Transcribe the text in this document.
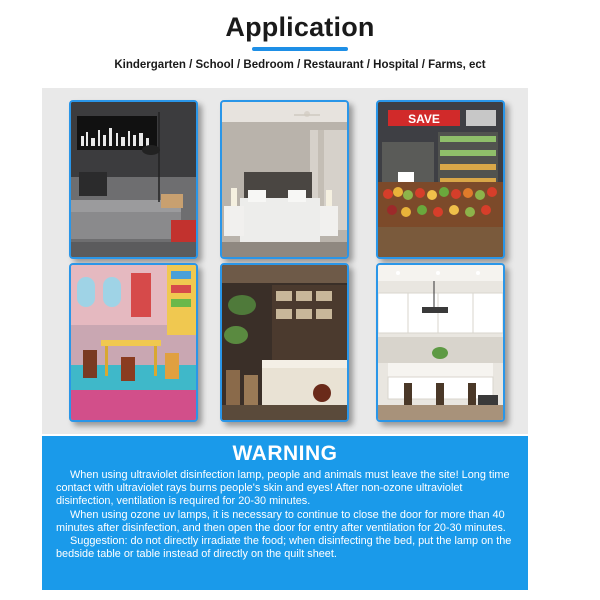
Application
Kindergarten / School / Bedroom / Restaurant / Hospital / Farms, ect
SAVE
WARNING

When using ultraviolet disinfection lamp, people and animals must leave the site! Long time contact with ultraviolet rays burns people's skin and eyes! After non-ozone ultraviolet disinfection, ventilation is required for 20-30 minutes.

When using ozone uv lamps, it is necessary to continue to close the door for more than 40 minutes after disinfection, and then open the door for entry after ventilation for 20-30 minutes.

Suggestion: do not directly irradiate the food; when disinfecting the bed, put the lamp on the bedside table or table instead of directly on the quilt sheet.
